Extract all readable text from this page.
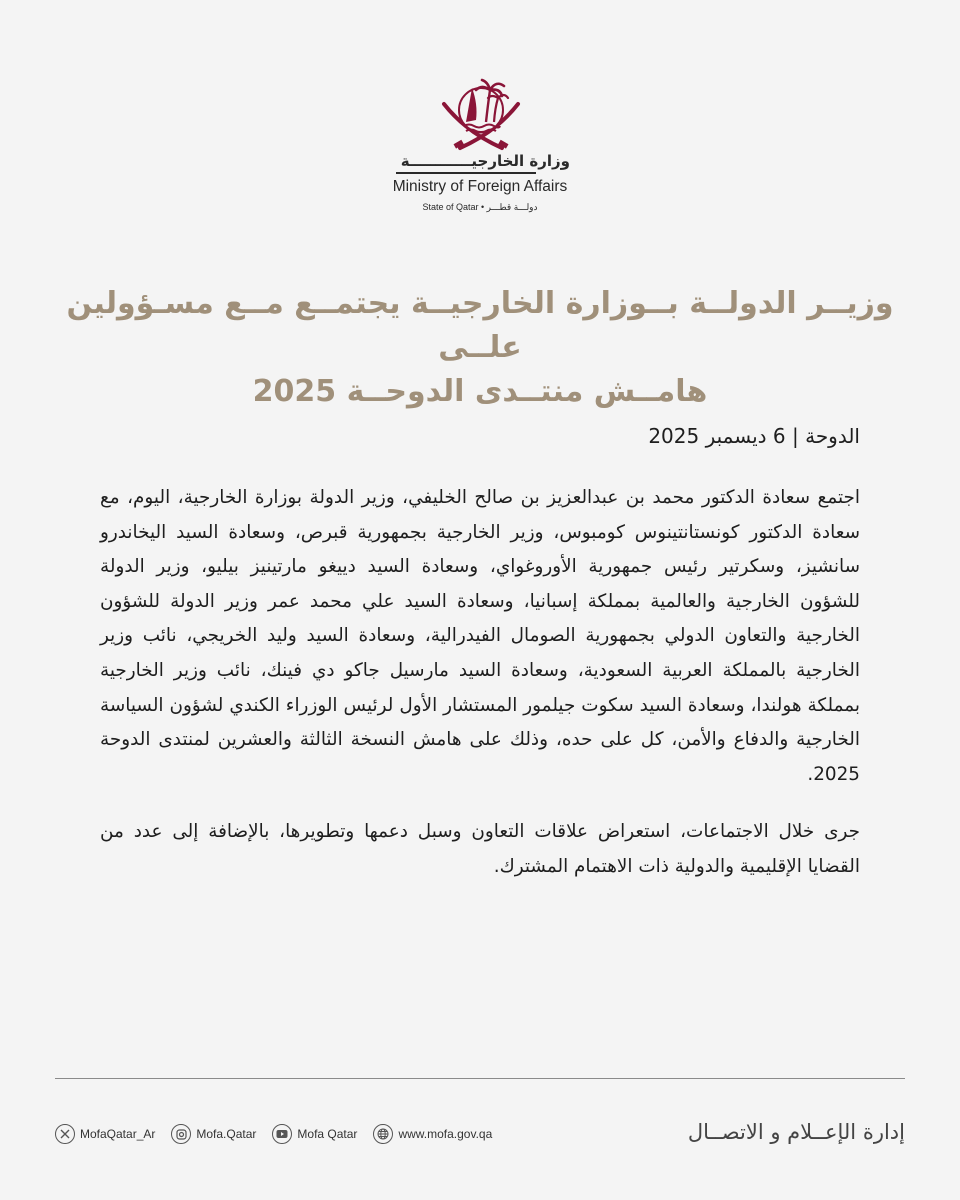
وزارة الخارجيــــــــــــة
Ministry of Foreign Affairs
State of Qatar • دولـــة قطـــر
وزيــر الدولــة بــوزارة الخارجيــة يجتمــع مــع مسـؤولين علــى
هامــش منتــدى الدوحــة 2025
الدوحة | 6 ديسمبر 2025

اجتمع سعادة الدكتور محمد بن عبدالعزيز بن صالح الخليفي، وزير الدولة بوزارة الخارجية، اليوم، مع سعادة الدكتور كونستانتينوس كومبوس، وزير الخارجية بجمهورية قبرص، وسعادة السيد اليخاندرو سانشيز، وسكرتير رئيس جمهورية الأوروغواي، وسعادة السيد دييغو مارتينيز بيليو، وزير الدولة للشؤون الخارجية والعالمية بمملكة إسبانيا، وسعادة السيد علي محمد عمر وزير الدولة للشؤون الخارجية والتعاون الدولي بجمهورية الصومال الفيدرالية، وسعادة السيد وليد الخريجي، نائب وزير الخارجية بالمملكة العربية السعودية، وسعادة السيد مارسيل جاكو دي فينك، نائب وزير الخارجية بمملكة هولندا، وسعادة السيد سكوت جيلمور المستشار الأول لرئيس الوزراء الكندي لشؤون السياسة الخارجية والدفاع والأمن، كل على حده، وذلك على هامش النسخة الثالثة والعشرين لمنتدى الدوحة 2025.

جرى خلال الاجتماعات، استعراض علاقات التعاون وسبل دعمها وتطويرها، بالإضافة إلى عدد من القضايا الإقليمية والدولية ذات الاهتمام المشترك.

MofaQatar_Ar	Mofa.Qatar	Mofa Qatar	www.mofa.gov.qa	إدارة الإعــلام و الاتصــال
